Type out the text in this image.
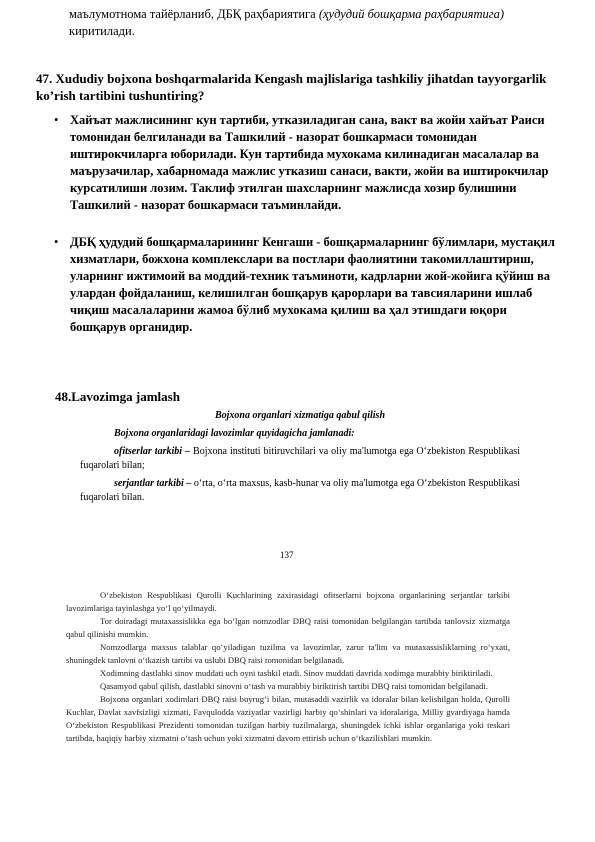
маълумотнома тайёрланиб, ДБҚ раҳбариятига (ҳудудий бошқарма раҳбариятига) киритилади.
47. Xududiy bojxona boshqarmalarida Kengash majlislariga tashkiliy jihatdan tayyorgarlik ko’rish tartibini tushuntiring?
• Хайъат мажлисининг кун тартиби, утказиладиган сана, вакт ва жойи хайъат Раиси томонидан белгиланади ва Ташкилий - назорат бошкармаси томонидан иштирокчиларга юборилади. Кун тартибида мухокама килинадиган масалалар ва маърузачилар, хабарномада мажлис утказиш санаси, вакти, жойи ва иштирокчилар курсатилиши лозим. Таклиф этилган шахсларнинг мажлисда хозир булишини Ташкилий - назорат бошкармаси таъминлайди.
• ДБҚ ҳудудий бошқармаларининг Кенгаши - бошқармаларнинг бўлимлари, мустақил хизматлари, божхона комплекслари ва постлари фаолиятини такомиллаштириш, уларнинг ижтимоий ва моддий-техник таъминоти, кадрларни жой-жойига қўйиш ва улардан фойдаланиш, келишилган бошқарув қарорлари ва тавсияларини ишлаб чиқиш масалаларини жамоа бўлиб мухокама қилиш ва ҳал этишдаги юқори бошқарув органидир.
48.Lavozimga jamlash
Bojxona organlari xizmatiga qabul qilish

Bojxona organlaridagi lavozimlar quyidagicha jamlanadi:

ofitserlar tarkibi – Bojxona instituti bitiruvchilari va oliy ma'lumotga ega O‘zbekiston Respublikasi fuqarolari bilan;

serjantlar tarkibi – o‘rta, o‘rta maxsus, kasb-hunar va oliy ma'lumotga ega O‘zbekiston Respublikasi fuqarolari bilan.

137

O‘zbekiston Respublikasi Qurolli Kuchlarining zaxirasidagi ofitserlarni bojxona organlarining serjantlar tarkibi lavozimlariga tayinlashga yo‘l qo‘yilmaydi.

Tor doiradagi mutaxassislikka ega bo‘lgan nomzodlar DBQ raisi tomonidan belgilangan tartibda tanlovsiz xizmatga qabul qilinishi mumkin.

Nomzodlarga maxsus talablar qo‘yiladigan tuzilma va lavozimlar, zarur ta'lim va mutaxassisliklarning ro‘yxati, shuningdek tanlovni o‘tkazish tartibi va uslubi DBQ raisi tomonidan belgilanadi.

Xodimning dastlabki sinov muddati uch oyni tashkil etadi. Sinov muddati davrida xodimga murabbiy biriktiriladi.

Qasamyod qabul qilish, dastlabki sinovni o‘tash va murabbiy biriktirish tartibi DBQ raisi tomonidan belgilanadi.

Bojxona organlari xodimlari DBQ raisi buyrug‘i bilan, mutasaddi vazirlik va idoralar bilan kelishilgan holda, Qurolli Kuchlar, Davlat xavfsizligi xizmati, Favqulodda vaziyatlar vazirligi harbiy qo‘shinlari va idoralariga, Milliy gvardiyaga hamda O‘zbekiston Respublikasi Prezidenti tomonidan tuzilgan harbiy tuzilmalarga, shuningdek ichki ishlar organlariga yoki teskari tartibda, haqiqiy harbiy xizmatni o‘tash uchun yoki xizmatni davom ettirish uchun o‘tkazilishlari mumkin.
